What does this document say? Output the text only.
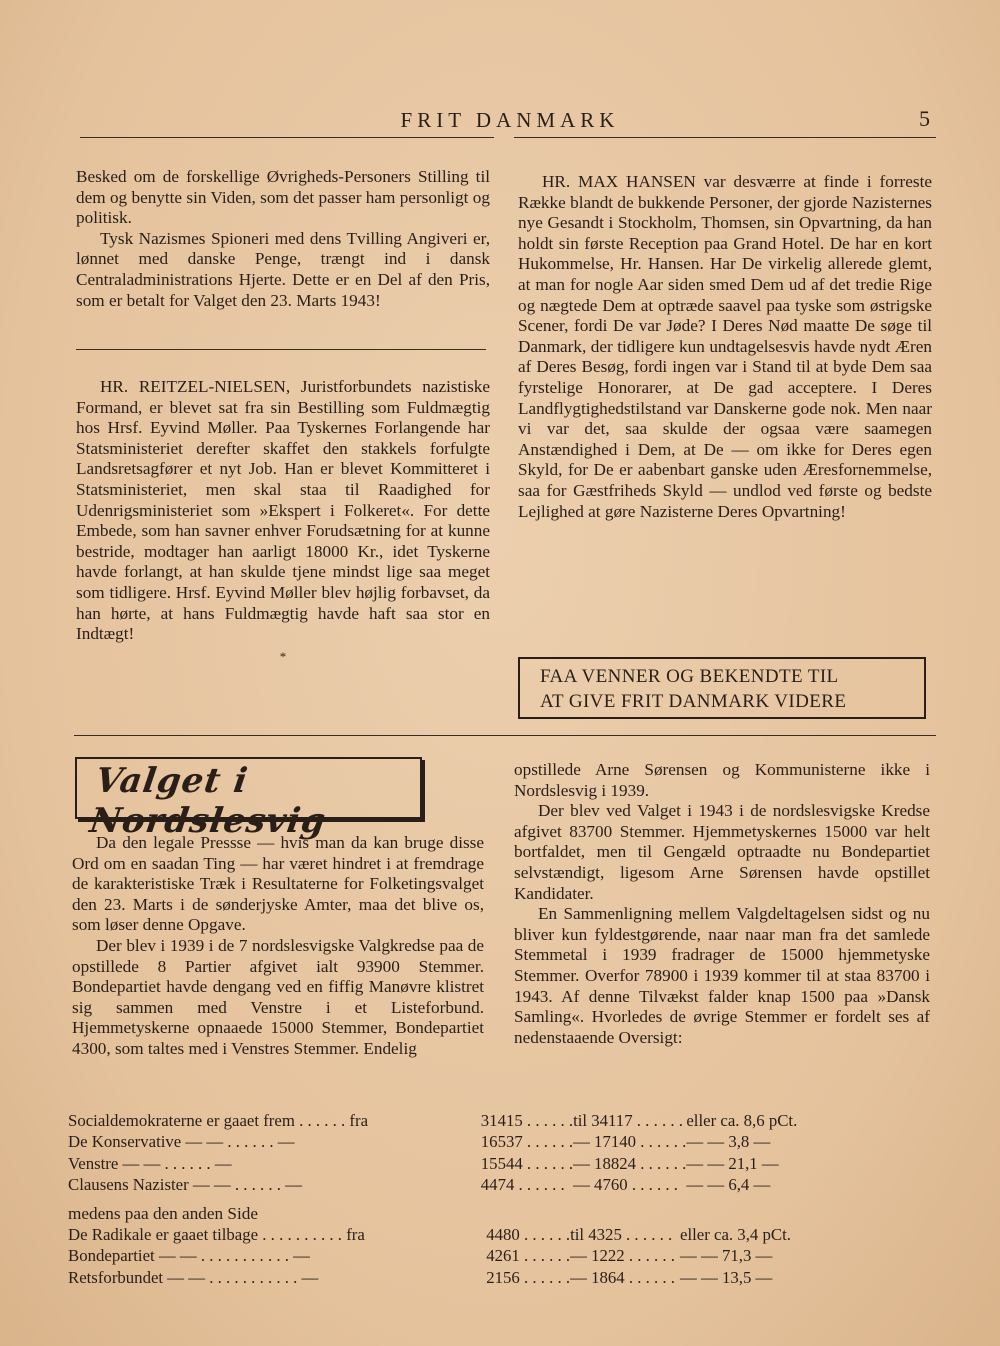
FRIT DANMARK	5

Besked om de forskellige Øvrigheds-Personers Stilling til dem og benytte sin Viden, som det passer ham personligt og politisk.

Tysk Nazismes Spioneri med dens Tvilling Angiveri er, lønnet med danske Penge, trængt ind i dansk Centraladministrations Hjerte. Dette er en Del af den Pris, som er betalt for Valget den 23. Marts 1943!

HR. REITZEL-NIELSEN, Juristforbundets nazistiske Formand, er blevet sat fra sin Bestilling som Fuldmægtig hos Hrsf. Eyvind Møller. Paa Tyskernes Forlangende har Statsministeriet derefter skaffet den stakkels forfulgte Landsretsagfører et nyt Job. Han er blevet Kommitteret i Statsministeriet, men skal staa til Raadighed for Udenrigsministeriet som »Ekspert i Folkeret«. For dette Embede, som han savner enhver Forudsætning for at kunne bestride, modtager han aarligt 18000 Kr., idet Tyskerne havde forlangt, at han skulde tjene mindst lige saa meget som tidligere. Hrsf. Eyvind Møller blev højlig forbavset, da han hørte, at hans Fuldmægtig havde haft saa stor en Indtægt!

*

HR. MAX HANSEN var desværre at finde i forreste Række blandt de bukkende Personer, der gjorde Nazisternes nye Gesandt i Stockholm, Thomsen, sin Opvartning, da han holdt sin første Reception paa Grand Hotel. De har en kort Hukommelse, Hr. Hansen. Har De virkelig allerede glemt, at man for nogle Aar siden smed Dem ud af det tredie Rige og nægtede Dem at optræde saavel paa tyske som østrigske Scener, fordi De var Jøde? I Deres Nød maatte De søge til Danmark, der tidligere kun undtagelsesvis havde nydt Æren af Deres Besøg, fordi ingen var i Stand til at byde Dem saa fyrstelige Honorarer, at De gad acceptere. I Deres Landflygtighedstilstand var Danskerne gode nok. Men naar vi var det, saa skulde der ogsaa være saamegen Anstændighed i Dem, at De — om ikke for Deres egen Skyld, for De er aabenbart ganske uden Æresfornemmelse, saa for Gæstfriheds Skyld — undlod ved første og bedste Lejlighed at gøre Nazisterne Deres Opvartning!

FAA VENNER OG BEKENDTE TIL
AT GIVE FRIT DANMARK VIDERE
Valget i Nordslesvig

Da den legale Pressse — hvis man da kan bruge disse Ord om en saadan Ting — har været hindret i at fremdrage de karakteristiske Træk i Resultaterne for Folketingsvalget den 23. Marts i de sønderjyske Amter, maa det blive os, som løser denne Opgave.

Der blev i 1939 i de 7 nordslesvigske Valgkredse paa de opstillede 8 Partier afgivet ialt 93900 Stemmer. Bondepartiet havde dengang ved en fiffig Manøvre klistret sig sammen med Venstre i et Listeforbund. Hjemmetyskerne opnaaede 15000 Stemmer, Bondepartiet 4300, som taltes med i Venstres Stemmer. Endelig

opstillede Arne Sørensen og Kommunisterne ikke i Nordslesvig i 1939.

Der blev ved Valget i 1943 i de nordslesvigske Kredse afgivet 83700 Stemmer. Hjemmetyskernes 15000 var helt bortfaldet, men til Gengæld optraadte nu Bondepartiet selvstændigt, ligesom Arne Sørensen havde opstillet Kandidater.

En Sammenligning mellem Valgdeltagelsen sidst og nu bliver kun fyldestgørende, naar naar man fra det samlede Stemmetal i 1939 fradrager de 15000 hjemmetyske Stemmer. Overfor 78900 i 1939 kommer til at staa 83700 i 1943. Af denne Tilvækst falder knap 1500 paa »Dansk Samling«. Hvorledes de øvrige Stemmer er fordelt ses af nedenstaaende Oversigt:

Socialdemokraterne er gaaet frem . . . . . . fra	31415 . . . . . .	til 34117 . . . . . .	eller ca. 8,6 pCt.
De Konservative — — . . . . . . —	16537 . . . . . .	— 17140 . . . . . .	— — 3,8 —
Venstre — — . . . . . . —	15544 . . . . . .	— 18824 . . . . . .	— — 21,1 —
Clausens Nazister — — . . . . . . —	4474 . . . . . .	— 4760 . . . . . .	— — 6,4 —
medens paa den anden Side
De Radikale er gaaet tilbage . . . . . . . . . . fra	4480 . . . . . .	til 4325 . . . . . .	eller ca. 3,4 pCt.
Bondepartiet — — . . . . . . . . . . . —	4261 . . . . . .	— 1222 . . . . . .	— — 71,3 —
Retsforbundet — — . . . . . . . . . . . —	2156 . . . . . .	— 1864 . . . . . .	— — 13,5 —
